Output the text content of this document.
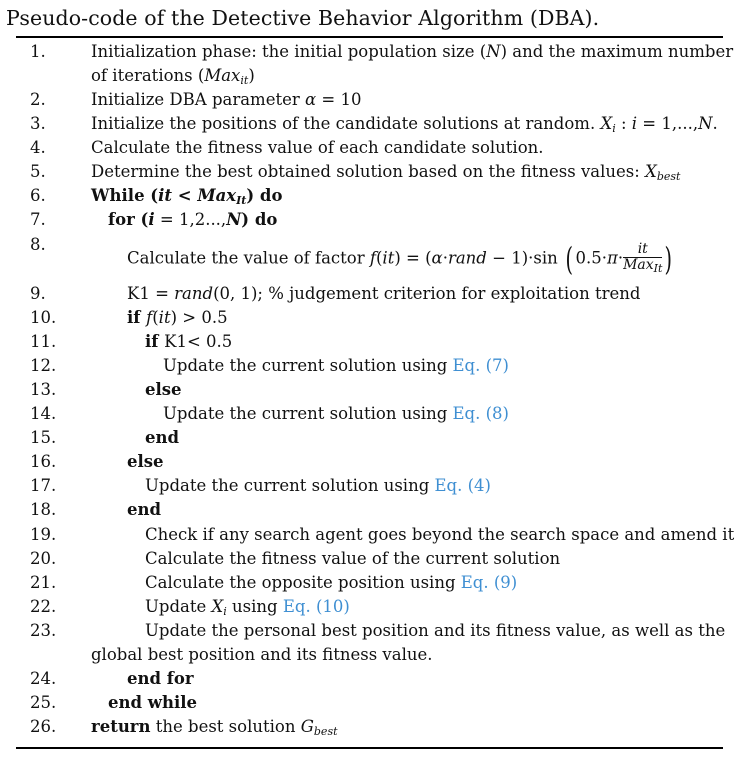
Pseudo-code of the Detective Behavior Algorithm (DBA).
1.	Initialization phase: the initial population size (N) and the maximum number
of iterations (Max$_{it}$)
2.	Initialize DBA parameter α = 10
3.	Initialize the positions of the candidate solutions at random. $X_i$ : i = 1,...,N.
4.	Calculate the fitness value of each candidate solution.
5.	Determine the best obtained solution based on the fitness values: $X_{best}$
6.	While (it < Max$_{It}$) do
7.	for (i = 1,2...,N) do
8.
Calculate the value of factor f(it) = (α·rand − 1)·sin ( $0.5\cdot\pi\cdot \frac{it}{Max_{It}}$ )
9.	K1 = rand(0, 1); % judgement criterion for exploitation trend
10.	if f(it) > 0.5
11.	if K1< 0.5
12.	Update the current solution using Eq. (7)
13.	else
14.	Update the current solution using Eq. (8)
15.	end
16.	else
17.	Update the current solution using Eq. (4)
18.	end
19.	Check if any search agent goes beyond the search space and amend it
20.	Calculate the fitness value of the current solution
21.	Calculate the opposite position using Eq. (9)
22.	Update $X_i$ using Eq. (10)
23.	Update the personal best position and its fitness value, as well as the
global best position and its fitness value.
24.	end for
25.	end while
26. return the best solution $G_{best}$
